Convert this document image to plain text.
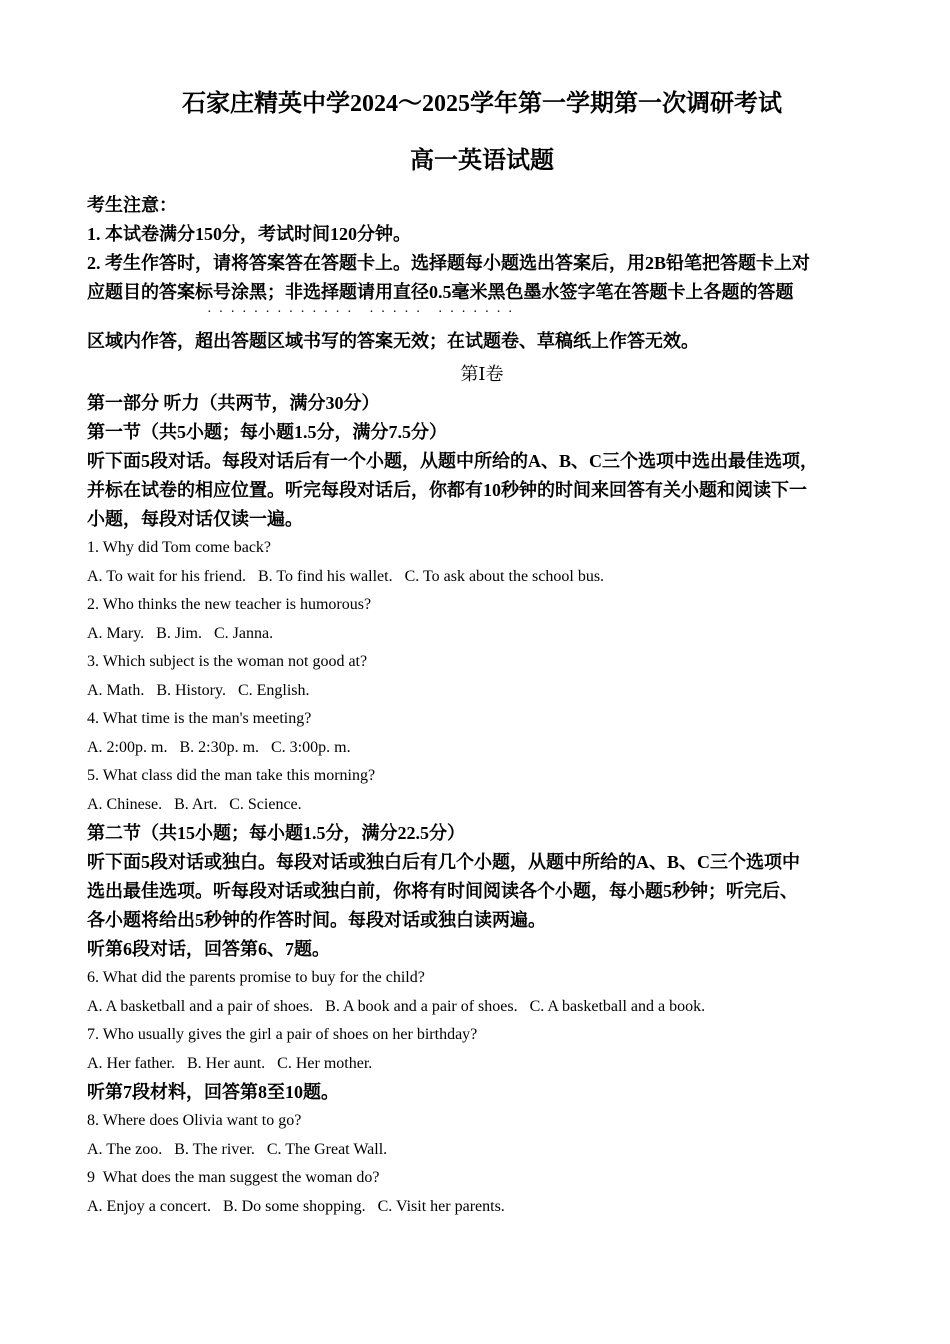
石家庄精英中学2024～2025学年第一学期第一次调研考试
高一英语试题
考生注意：
1. 本试卷满分150分，考试时间120分钟。
2. 考生作答时，请将答案答在答题卡上。选择题每小题选出答案后，用2B铅笔把答题卡上对
应题目的答案标号涂黑；非选择题请用直径0.5毫米黑色墨水签字笔在答题卡上各题的答题
·  ·  ·  ·  ·  ·  ·  ·  ·  ·  ·  ·  ·     ·  ·  ·  ·  ·     ·  ·  ·  ·  ·  ·  ·
区域内作答，超出答题区域书写的答案无效；在试题卷、草稿纸上作答无效。
第Ⅰ卷
第一部分 听力（共两节，满分30分）
第一节（共5小题；每小题1.5分，满分7.5分）
听下面5段对话。每段对话后有一个小题，从题中所给的A、B、C三个选项中选出最佳选项，
并标在试卷的相应位置。听完每段对话后，你都有10秒钟的时间来回答有关小题和阅读下一
小题，每段对话仅读一遍。
1. Why did Tom come back?
A. To wait for his friend.   B. To find his wallet.   C. To ask about the school bus.
2. Who thinks the new teacher is humorous?
A. Mary.   B. Jim.   C. Janna.
3. Which subject is the woman not good at?
A. Math.   B. History.   C. English.
4. What time is the man's meeting?
A. 2:00p. m.   B. 2:30p. m.   C. 3:00p. m.
5. What class did the man take this morning?
A. Chinese.   B. Art.   C. Science.
第二节（共15小题；每小题1.5分，满分22.5分）
听下面5段对话或独白。每段对话或独白后有几个小题，从题中所给的A、B、C三个选项中
选出最佳选项。听每段对话或独白前，你将有时间阅读各个小题，每小题5秒钟；听完后、
各小题将给出5秒钟的作答时间。每段对话或独白读两遍。
听第6段对话，回答第6、7题。
6. What did the parents promise to buy for the child?
A. A basketball and a pair of shoes.   B. A book and a pair of shoes.   C. A basketball and a book.
7. Who usually gives the girl a pair of shoes on her birthday?
A. Her father.   B. Her aunt.   C. Her mother.
听第7段材料，回答第8至10题。
8. Where does Olivia want to go?
A. The zoo.   B. The river.   C. The Great Wall.
9  What does the man suggest the woman do?
A. Enjoy a concert.   B. Do some shopping.   C. Visit her parents.
